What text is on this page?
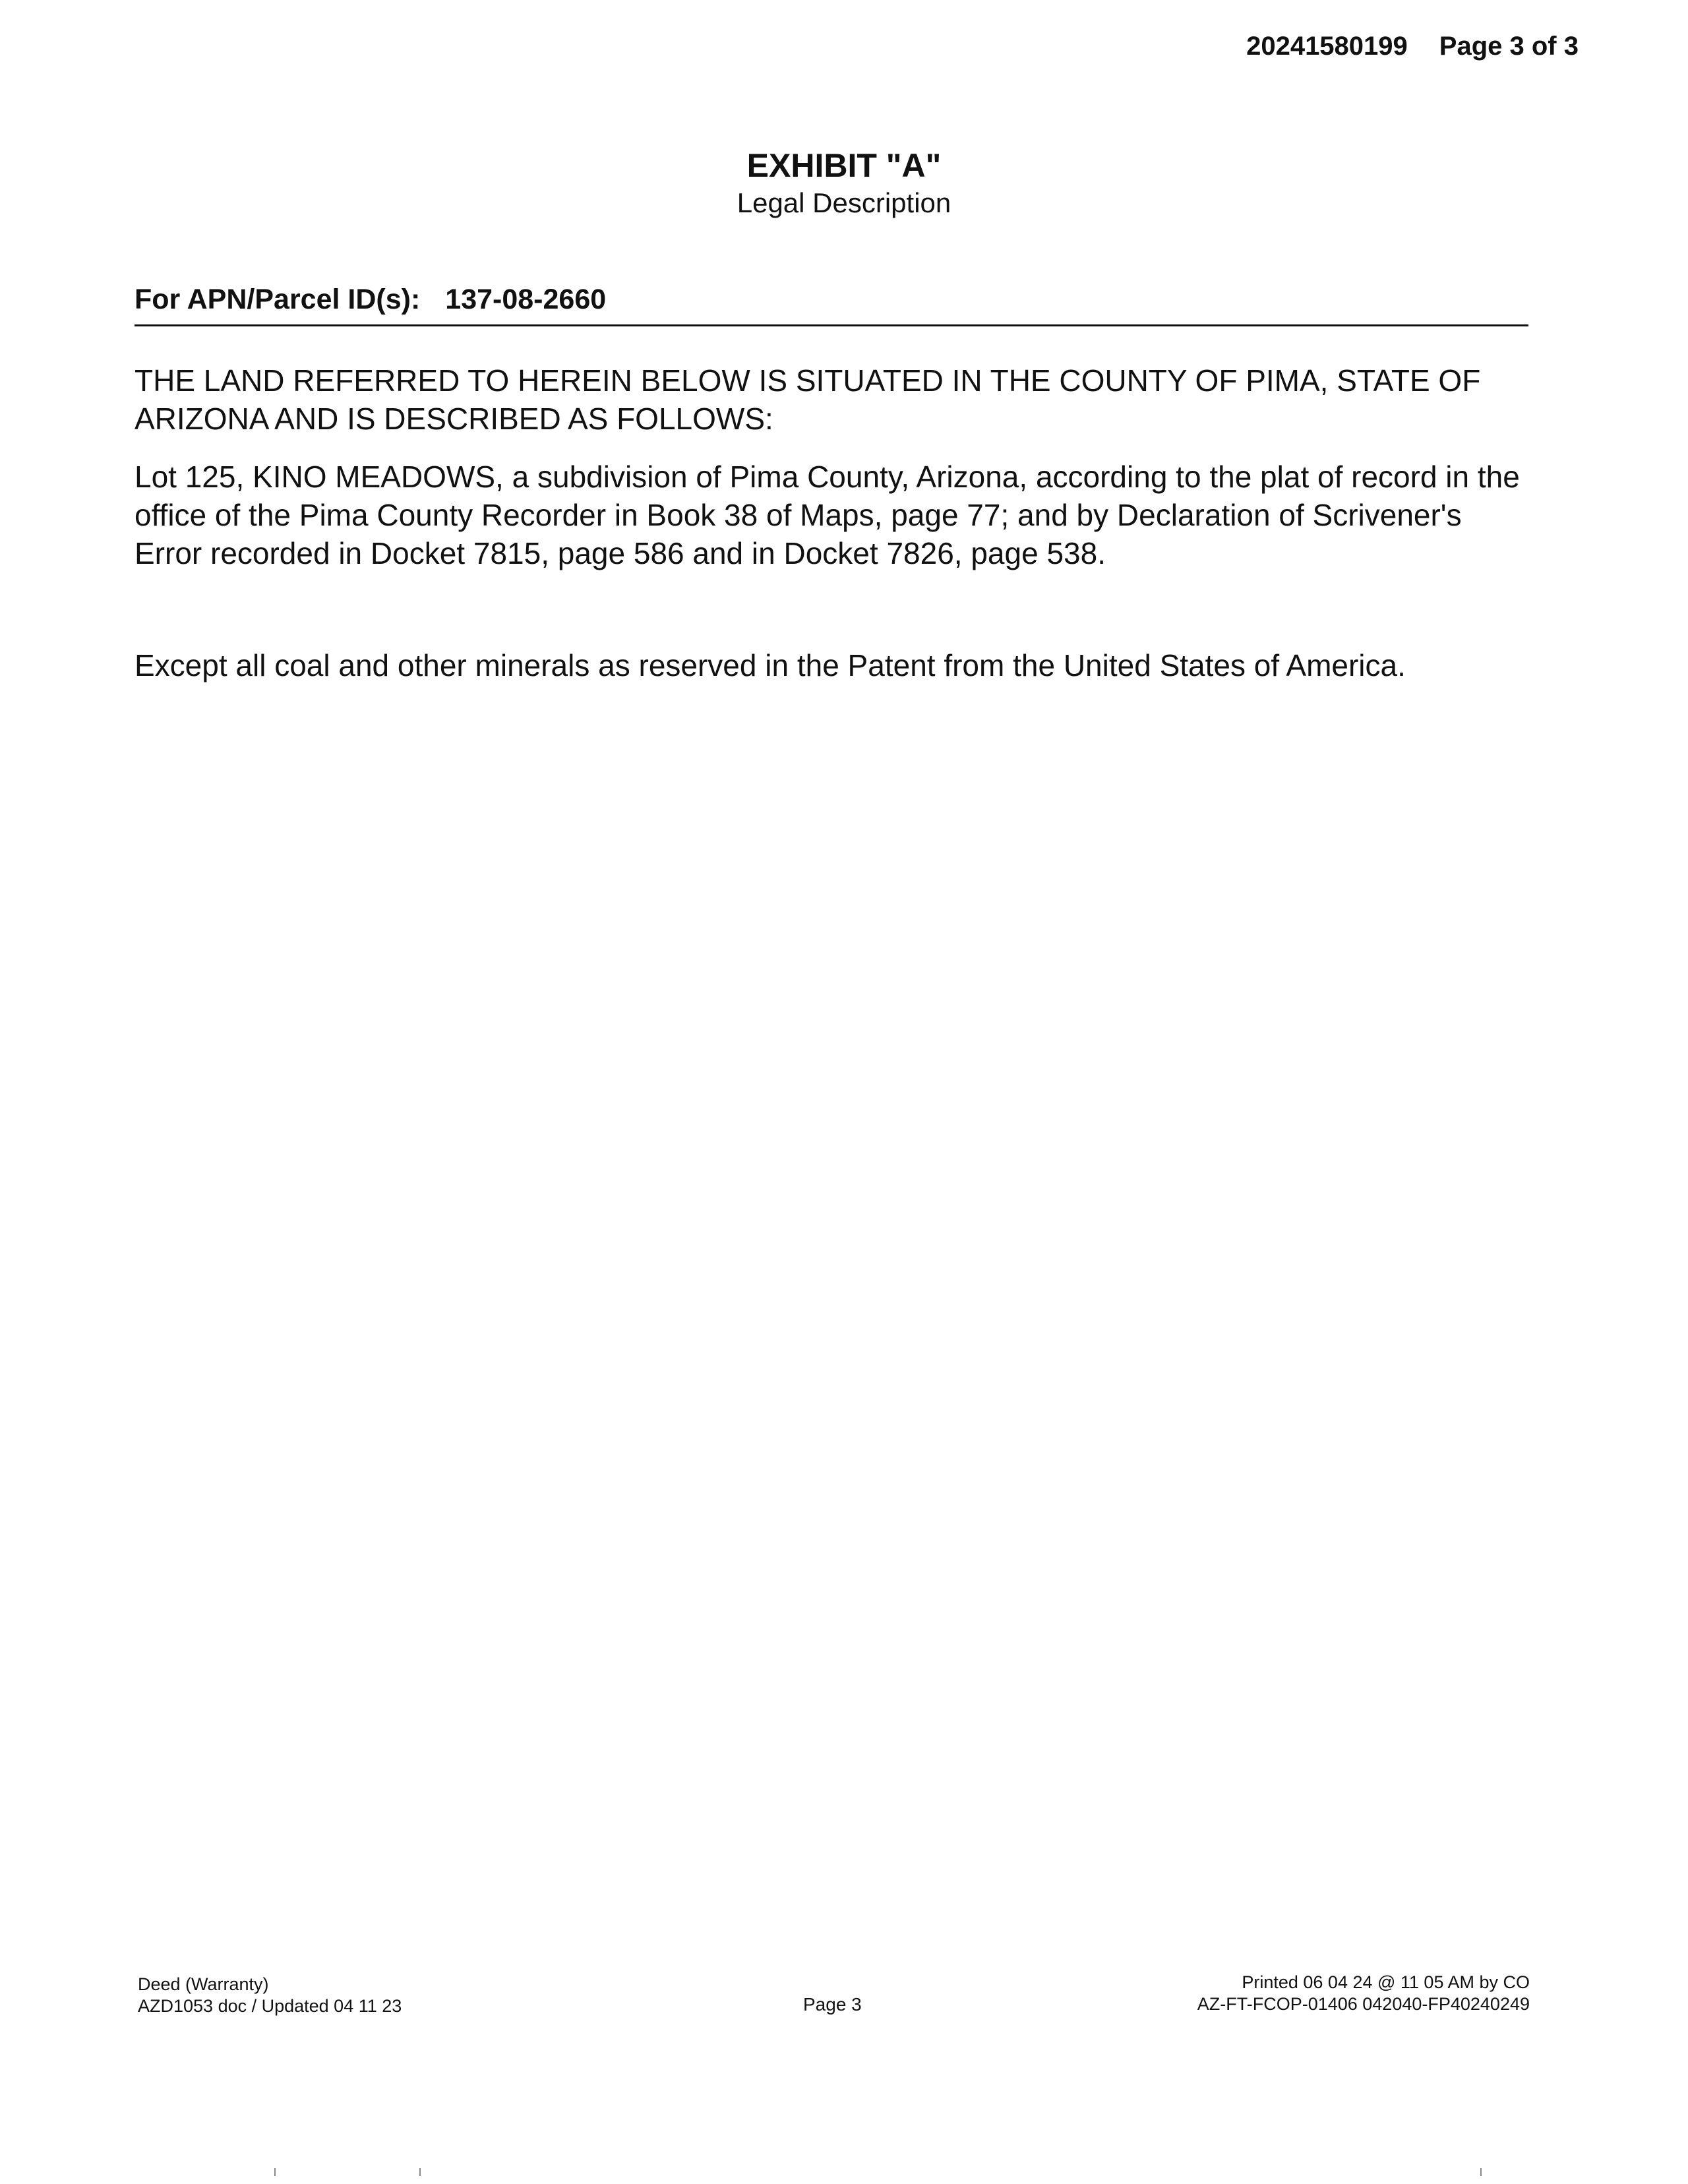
20241580199 Page 3 of 3
EXHIBIT "A"
Legal Description
For APN/Parcel ID(s): 137-08-2660
THE LAND REFERRED TO HEREIN BELOW IS SITUATED IN THE COUNTY OF PIMA, STATE OF ARIZONA AND IS DESCRIBED AS FOLLOWS:
Lot 125, KINO MEADOWS, a subdivision of Pima County, Arizona, according to the plat of record in the office of the Pima County Recorder in Book 38 of Maps, page 77; and by Declaration of Scrivener's Error recorded in Docket 7815, page 586 and in Docket 7826, page 538.
Except all coal and other minerals as reserved in the Patent from the United States of America.
Deed (Warranty)
AZD1053 doc / Updated 04 11 23	Page 3
Printed 06 04 24 @ 11 05 AM by CO
AZ-FT-FCOP-01406 042040-FP40240249
